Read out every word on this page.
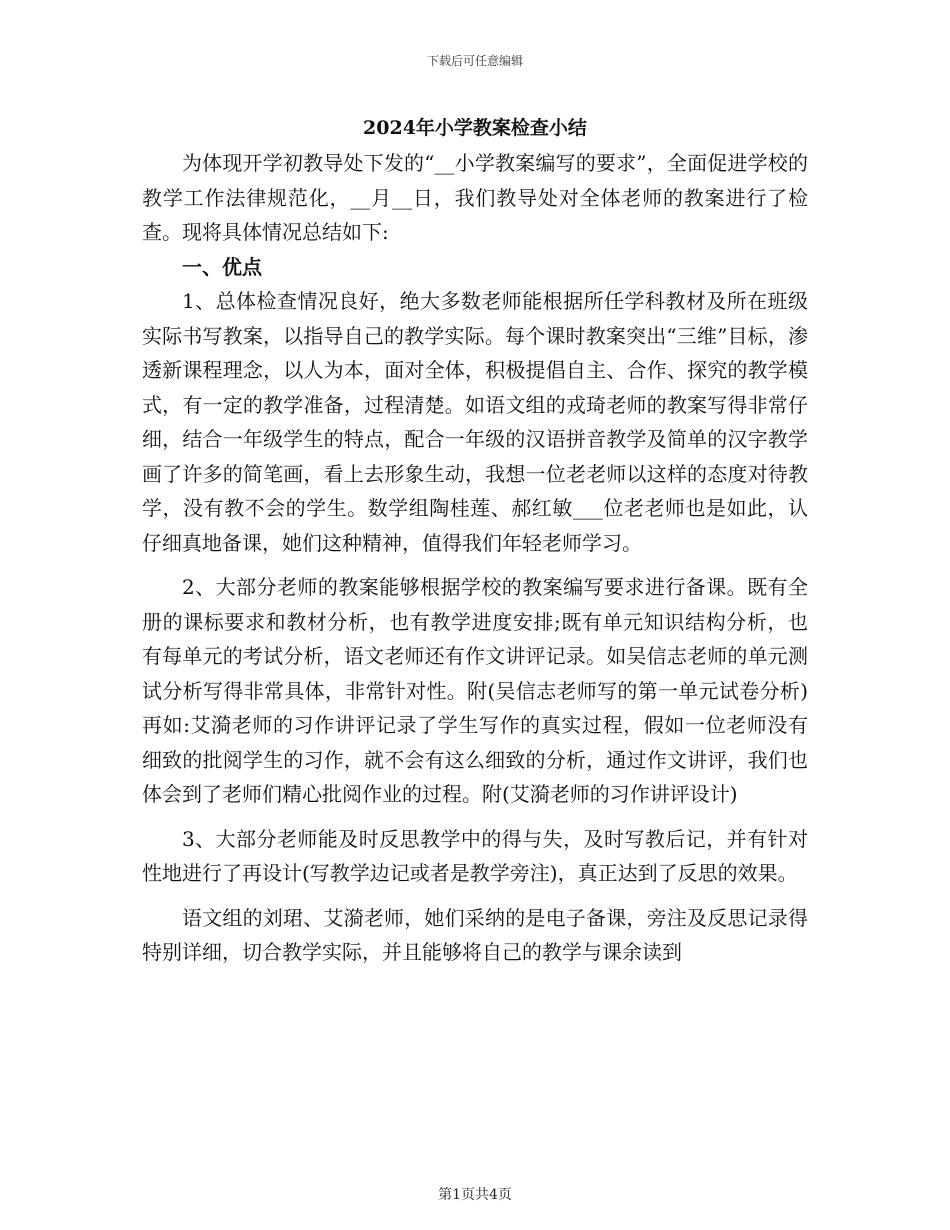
下载后可任意编辑
2024年小学教案检查小结

为体现开学初教导处下发的“__小学教案编写的要求”，全面促进学校的教学工作法律规范化，__月__日，我们教导处对全体老师的教案进行了检查。现将具体情况总结如下:

一、优点

1、总体检查情况良好，绝大多数老师能根据所任学科教材及所在班级实际书写教案，以指导自己的教学实际。每个课时教案突出“三维”目标，渗透新课程理念，以人为本，面对全体，积极提倡自主、合作、探究的教学模式，有一定的教学准备，过程清楚。如语文组的戎琦老师的教案写得非常仔细，结合一年级学生的特点，配合一年级的汉语拼音教学及简单的汉字教学画了许多的简笔画，看上去形象生动，我想一位老老师以这样的态度对待教学，没有教不会的学生。数学组陶桂莲、郝红敏___位老老师也是如此，认仔细真地备课，她们这种精神，值得我们年轻老师学习。

2、大部分老师的教案能够根据学校的教案编写要求进行备课。既有全册的课标要求和教材分析，也有教学进度安排;既有单元知识结构分析，也有每单元的考试分析，语文老师还有作文讲评记录。如吴信志老师的单元测试分析写得非常具体，非常针对性。附(吴信志老师写的第一单元试卷分析)再如:艾漪老师的习作讲评记录了学生写作的真实过程，假如一位老师没有细致的批阅学生的习作，就不会有这么细致的分析，通过作文讲评，我们也体会到了老师们精心批阅作业的过程。附(艾漪老师的习作讲评设计)

3、大部分老师能及时反思教学中的得与失，及时写教后记，并有针对性地进行了再设计(写教学边记或者是教学旁注)，真正达到了反思的效果。

语文组的刘珺、艾漪老师，她们采纳的是电子备课，旁注及反思记录得特别详细，切合教学实际，并且能够将自己的教学与课余读到

第1页共4页
